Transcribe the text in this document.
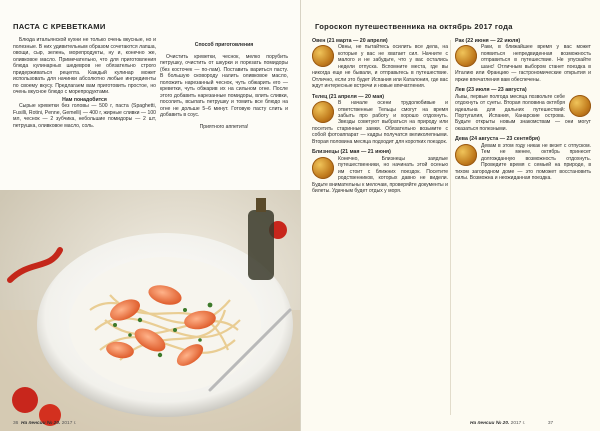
ПАСТА С КРЕВЕТКАМИ

Блюда итальянской кухни не только очень вкусные, но и полезные. В них удивительным образом сочетаются лапша, овощи, сыр, зелень, морепродукты, ну и, конечно же, оливковое масло. Примечательно, что для приготовления блюда кулинарных шедевров не обязательно строго придерживаться рецепта. Каждый кулинар может использовать для начинки абсолютно любые ингредиенты по своему вкусу. Предлагаем вам приготовить простое, но очень вкусное блюдо с морепродуктами.

Нам понадобится

Сырые креветки без головы — 500 г, паста (Spaghetti, Fusilli, Rotini, Penne, Gemelli) — 400 г, жирные сливки — 100 мл, чеснок — 2 зубчика, небольшие помидоры — 2 шт, петрушка, оливковое масло, соль.

Способ приготовления

Очистить креветки, чеснок, мелко порубить петрушку, очистить от шкурки и порезать помидоры (без косточек — по-лам). Поставить вариться пасту. В большую сковороду налить оливковое масло, положить нарезанный чеснок, чуть обжарить его — креветки, чуть обжарив их на сильном огне. После этого добавить нарезанные помидоры, влить сливки, посолить, всыпать петрушку и томить все блюдо на огне не дольше 5–6 минут. Готовую пасту слить и добавить в соус.

Приятного аппетита!

36 На пенсии № 20. 2017 г.
Гороскоп путешественника на октябрь 2017 года

Овен (21 марта — 20 апреля)

Овны, не пытайтесь осилить все дела, на которые у вас не хватает сил. Начните с малого и не забудьте, что у вас остались недели отпуска. Вспомните места, где вы никогда еще не бывали, и отправьтесь в путешествие. Отлично, если это будет Испания или Каталония, где вас ждут интересные встречи и новые впечатления.

Телец (21 апреля — 20 мая)

В начале осени трудолюбивые и ответственные Тельцы смогут на время забыть про работу и хорошо отдохнуть. Звезды советуют выбраться на природу или посетить старинные замки. Обязательно возьмите с собой фотоаппарат — кадры получатся великолепными. Вторая половина месяца подходит для коротких поездок.

Близнецы (21 мая — 21 июня)

Конечно, Близнецы заядлые путешественники, но начинать этой осенью им стоит с ближних поездок. Посетите родственников, которых давно не видели. Будьте внимательны к мелочам, проверяйте документы и билеты. Удачным будет отдых у моря.

Рак (22 июня — 22 июля)

Раки, в ближайшее время у вас может появиться непредвиденная возможность отправиться в путешествие. Не упускайте шанс! Отличным выбором станет поездка в Италию или Францию — гастрономические открытия и яркие впечатления вам обеспечены.

Лев (23 июля — 23 августа)

Львы, первые полгода месяца позвольте себе отдохнуть от суеты. Вторая половина октября идеальна для дальних путешествий: Португалия, Испания, Канарские острова. Будьте открыты новым знакомствам — они могут оказаться полезными.

Дева (24 августа — 23 сентября)

Девам в этом году никак не везет с отпуском. Тем не менее, октябрь принесет долгожданную возможность отдохнуть. Проведите время с семьей на природе, в тихом загородном доме — это поможет восстановить силы. Возможна и неожиданная поездка.

На пенсии № 20. 2017 г.	37
